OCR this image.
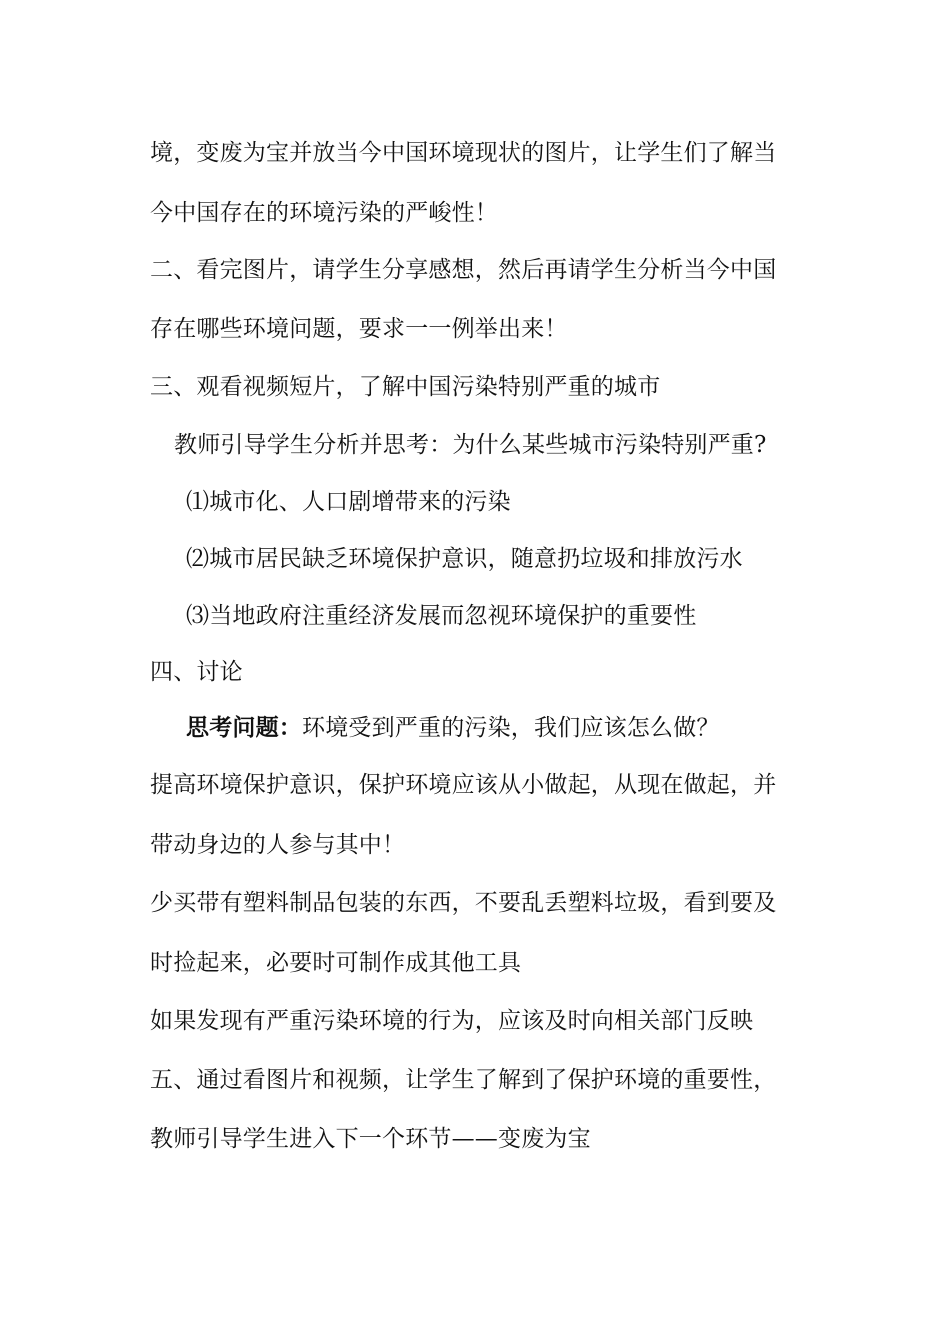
境，变废为宝并放当今中国环境现状的图片，让学生们了解当
今中国存在的环境污染的严峻性！
二、看完图片，请学生分享感想，然后再请学生分析当今中国
存在哪些环境问题，要求一一例举出来！
三、观看视频短片，了解中国污染特别严重的城市
教师引导学生分析并思考：为什么某些城市污染特别严重?
⑴城市化、人口剧增带来的污染
⑵城市居民缺乏环境保护意识，随意扔垃圾和排放污水
⑶当地政府注重经济发展而忽视环境保护的重要性
四、讨论
思考问题：环境受到严重的污染，我们应该怎么做？
提高环境保护意识，保护环境应该从小做起，从现在做起，并
带动身边的人参与其中！
少买带有塑料制品包装的东西，不要乱丢塑料垃圾，看到要及
时捡起来，必要时可制作成其他工具
如果发现有严重污染环境的行为，应该及时向相关部门反映
五、通过看图片和视频，让学生了解到了保护环境的重要性，
教师引导学生进入下一个环节——变废为宝
